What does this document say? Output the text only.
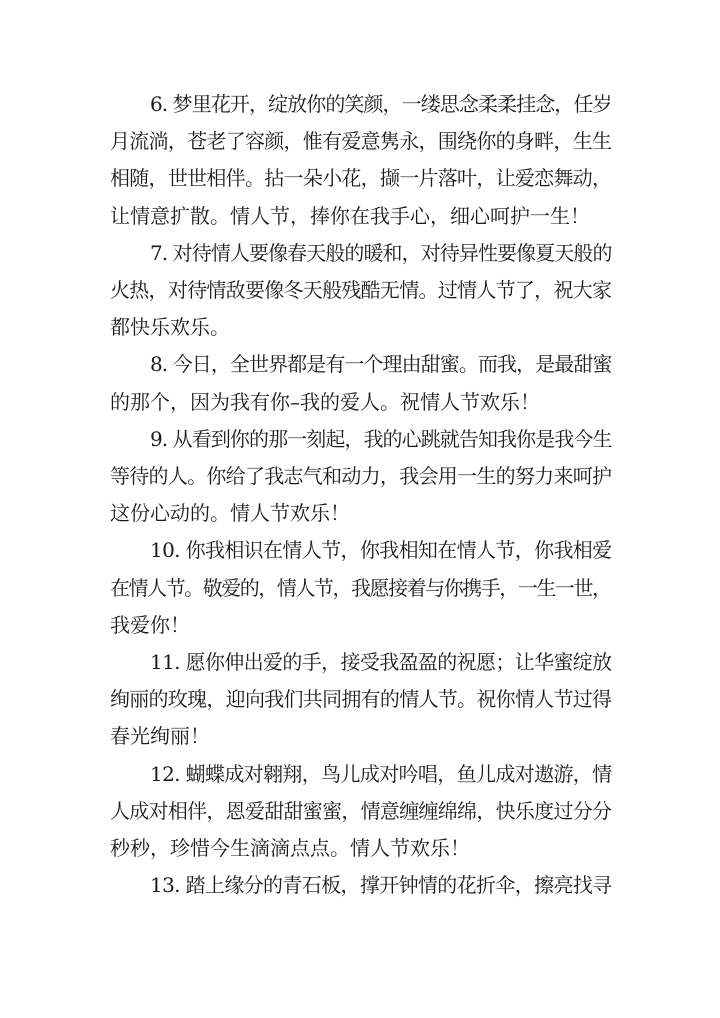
6. 梦里花开，绽放你的笑颜，一缕思念柔柔挂念，任岁
月流淌，苍老了容颜，惟有爱意隽永，围绕你的身畔，生生
相随，世世相伴。拈一朵小花，撷一片落叶，让爱恋舞动，
让情意扩散。情人节，捧你在我手心，细心呵护一生！
7. 对待情人要像春天般的暖和，对待异性要像夏天般的
火热，对待情敌要像冬天般残酷无情。过情人节了，祝大家
都快乐欢乐。
8. 今日，全世界都是有一个理由甜蜜。而我，是最甜蜜
的那个，因为我有你–我的爱人。祝情人节欢乐！
9. 从看到你的那一刻起，我的心跳就告知我你是我今生
等待的人。你给了我志气和动力，我会用一生的努力来呵护
这份心动的。情人节欢乐！
10. 你我相识在情人节，你我相知在情人节，你我相爱
在情人节。敬爱的，情人节，我愿接着与你携手，一生一世，
我爱你！
11. 愿你伸出爱的手，接受我盈盈的祝愿；让华蜜绽放
绚丽的玫瑰，迎向我们共同拥有的情人节。祝你情人节过得
春光绚丽！
12. 蝴蝶成对翱翔，鸟儿成对吟唱，鱼儿成对遨游，情
人成对相伴，恩爱甜甜蜜蜜，情意缠缠绵绵，快乐度过分分
秒秒，珍惜今生滴滴点点。情人节欢乐！
13. 踏上缘分的青石板，撑开钟情的花折伞，擦亮找寻
